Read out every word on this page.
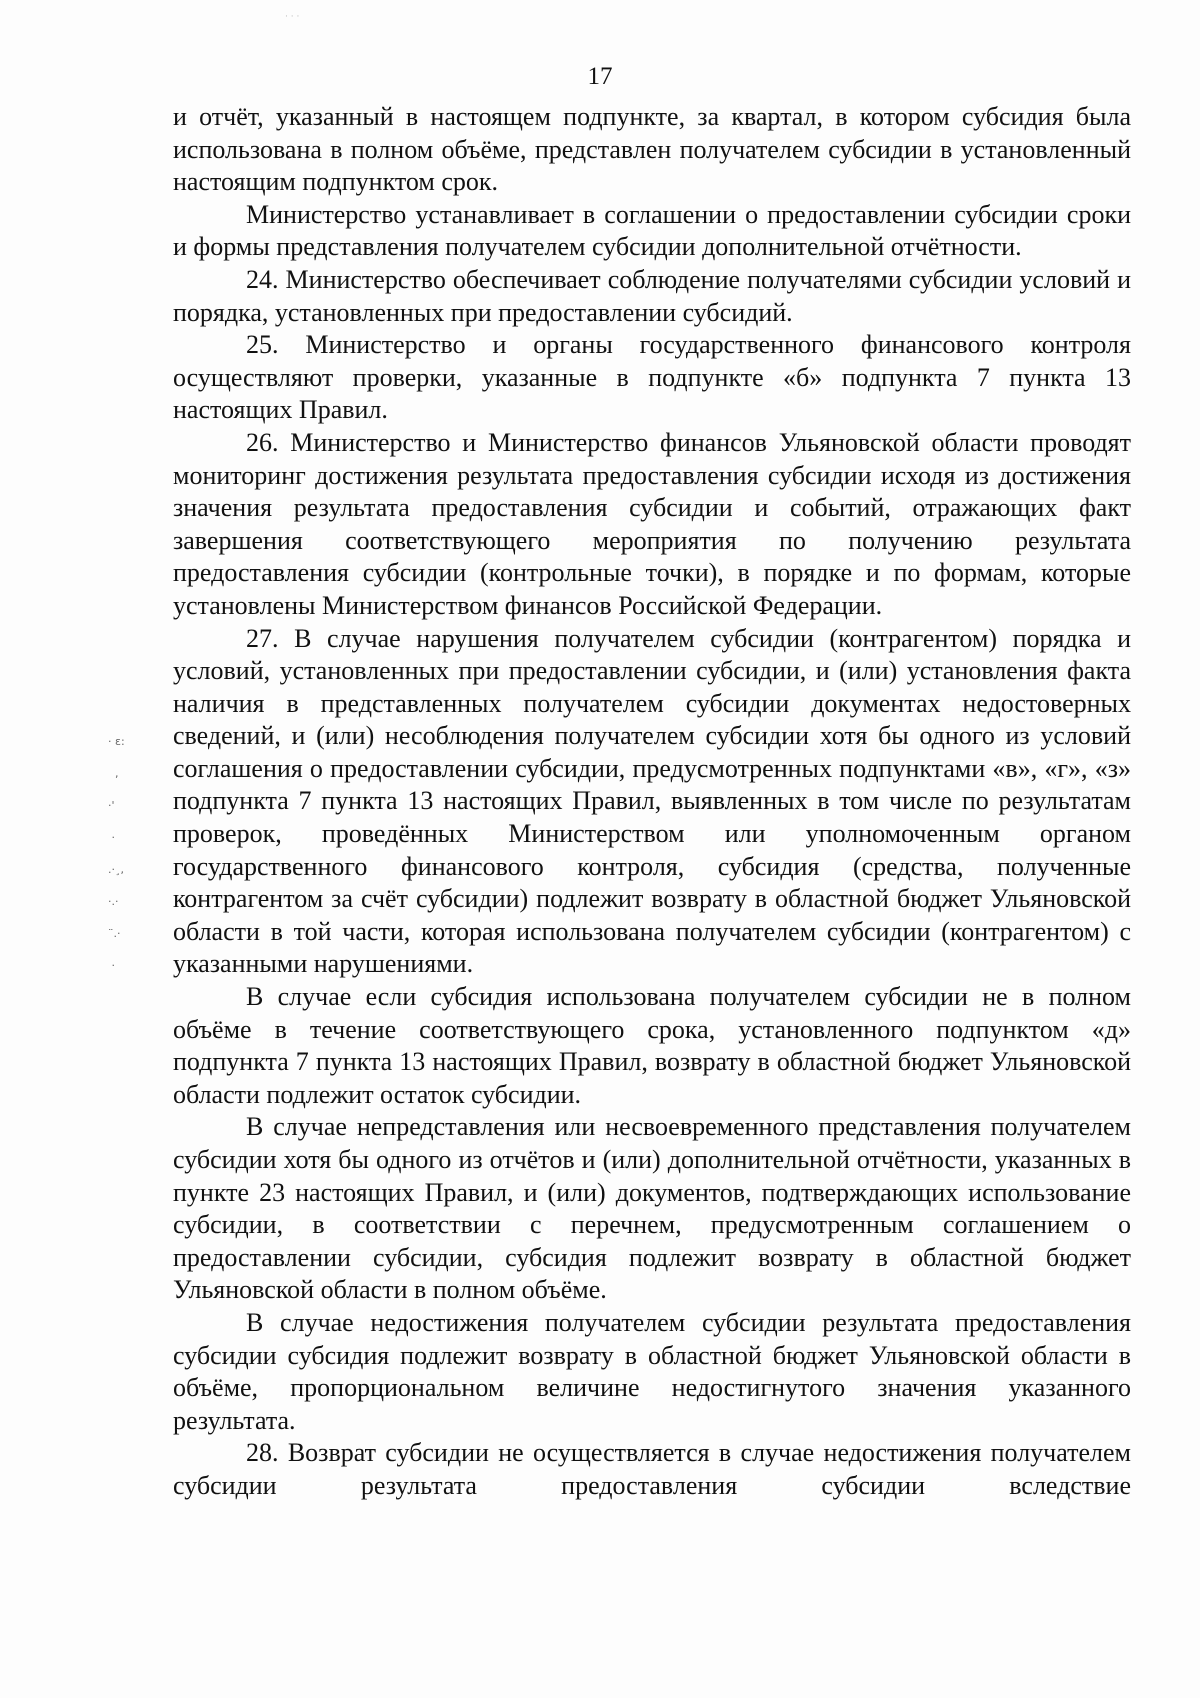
· · ·
17

и отчёт, указанный в настоящем подпункте, за квартал, в котором субсидия была использована в полном объёме, представлен получателем субсидии в установленный настоящим подпунктом срок.

Министерство устанавливает в соглашении о предоставлении субсидии сроки и формы представления получателем субсидии дополнительной отчётности.

24. Министерство обеспечивает соблюдение получателями субсидии условий и порядка, установленных при предоставлении субсидий.

25. Министерство и органы государственного финансового контроля осуществляют проверки, указанные в подпункте «б» подпункта 7 пункта 13 настоящих Правил.

26. Министерство и Министерство финансов Ульяновской области проводят мониторинг достижения результата предоставления субсидии исходя из достижения значения результата предоставления субсидии и событий, отражающих факт завершения соответствующего мероприятия по получению результата предоставления субсидии (контрольные точки), в порядке и по формам, которые установлены Министерством финансов Российской Федерации.

27. В случае нарушения получателем субсидии (контрагентом) порядка и условий, установленных при предоставлении субсидии, и (или) установления факта наличия в представленных получателем субсидии документах недостоверных сведений, и (или) несоблюдения получателем субсидии хотя бы одного из условий соглашения о предоставлении субсидии, предусмотренных подпунктами «в», «г», «з» подпункта 7 пункта 13 настоящих Правил, выявленных в том числе по результатам проверок, проведённых Министерством или уполномоченным органом государственного финансового контроля, субсидия (средства, полученные контрагентом за счёт субсидии) подлежит возврату в областной бюджет Ульяновской области в той части, которая использована получателем субсидии (контрагентом) с указанными нарушениями.

В случае если субсидия использована получателем субсидии не в полном объёме в течение соответствующего срока, установленного подпунктом «д» подпункта 7 пункта 13 настоящих Правил, возврату в областной бюджет Ульяновской области подлежит остаток субсидии.

В случае непредставления или несвоевременного представления получателем субсидии хотя бы одного из отчётов и (или) дополнительной отчётности, указанных в пункте 23 настоящих Правил, и (или) документов, подтверждающих использование субсидии, в соответствии с перечнем, предусмотренным соглашением о предоставлении субсидии, субсидия подлежит возврату в областной бюджет Ульяновской области в полном объёме.

В случае недостижения получателем субсидии результата предоставления субсидии субсидия подлежит возврату в областной бюджет Ульяновской области в объёме, пропорциональном величине недостигнутого значения указанного результата.

28. Возврат субсидии не осуществляется в случае недостижения получателем субсидии результата предоставления субсидии вследствие

· ε:
,
·'
·
.·¸,
·.·
¨.·
·
